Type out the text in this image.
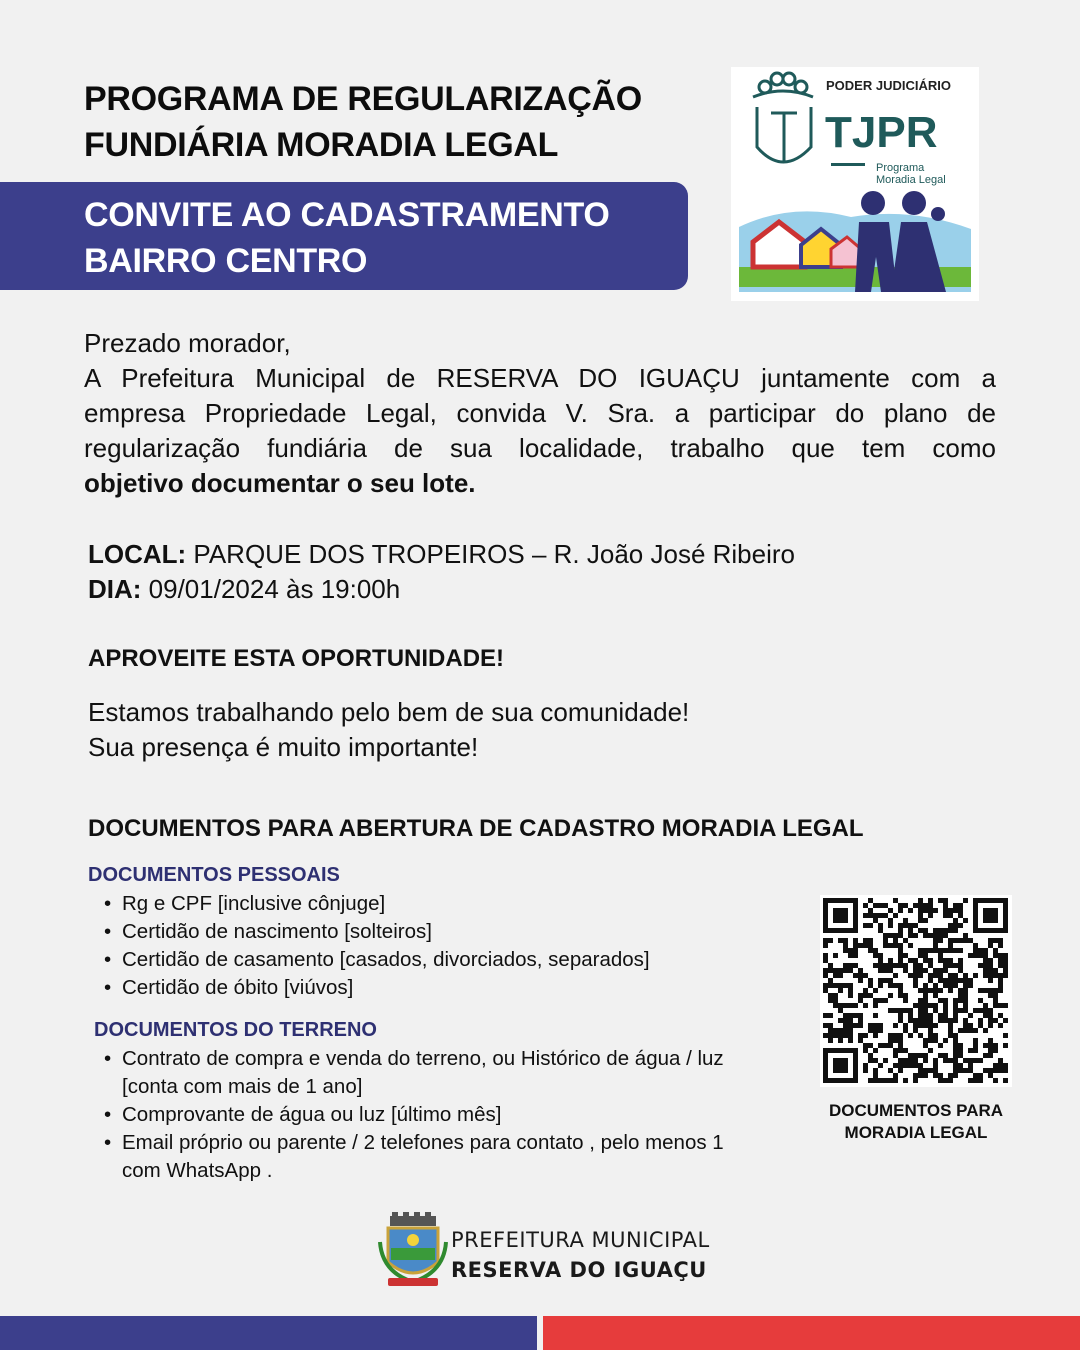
PROGRAMA DE REGULARIZAÇÃO
FUNDIÁRIA MORADIA LEGAL
CONVITE AO CADASTRAMENTO
BAIRRO CENTRO
PODER JUDICIÁRIO
TJPR
Programa
Moradia Legal
Prezado morador,
A Prefeitura Municipal de RESERVA DO IGUAÇU juntamente com a
empresa Propriedade Legal, convida V. Sra. a participar do plano de
regularização fundiária de sua localidade, trabalho que tem como
objetivo documentar o seu lote.
LOCAL: PARQUE DOS TROPEIROS – R. João José Ribeiro
DIA: 09/01/2024 às 19:00h
APROVEITE ESTA OPORTUNIDADE!
Estamos trabalhando pelo bem de sua comunidade!
Sua presença é muito importante!
DOCUMENTOS PARA ABERTURA DE CADASTRO MORADIA LEGAL
DOCUMENTOS PESSOAIS
• Rg e CPF [inclusive cônjuge]
• Certidão de nascimento [solteiros]
• Certidão de casamento [casados, divorciados, separados]
• Certidão de óbito [viúvos]
DOCUMENTOS DO TERRENO
• Contrato de compra e venda do terreno, ou Histórico de água / luz
[conta com mais de 1 ano]
• Comprovante de água ou luz [último mês]
• Email próprio ou parente / 2 telefones para contato , pelo menos 1
com WhatsApp .
DOCUMENTOS PARA
MORADIA LEGAL
PREFEITURA MUNICIPAL
RESERVA DO IGUAÇU
